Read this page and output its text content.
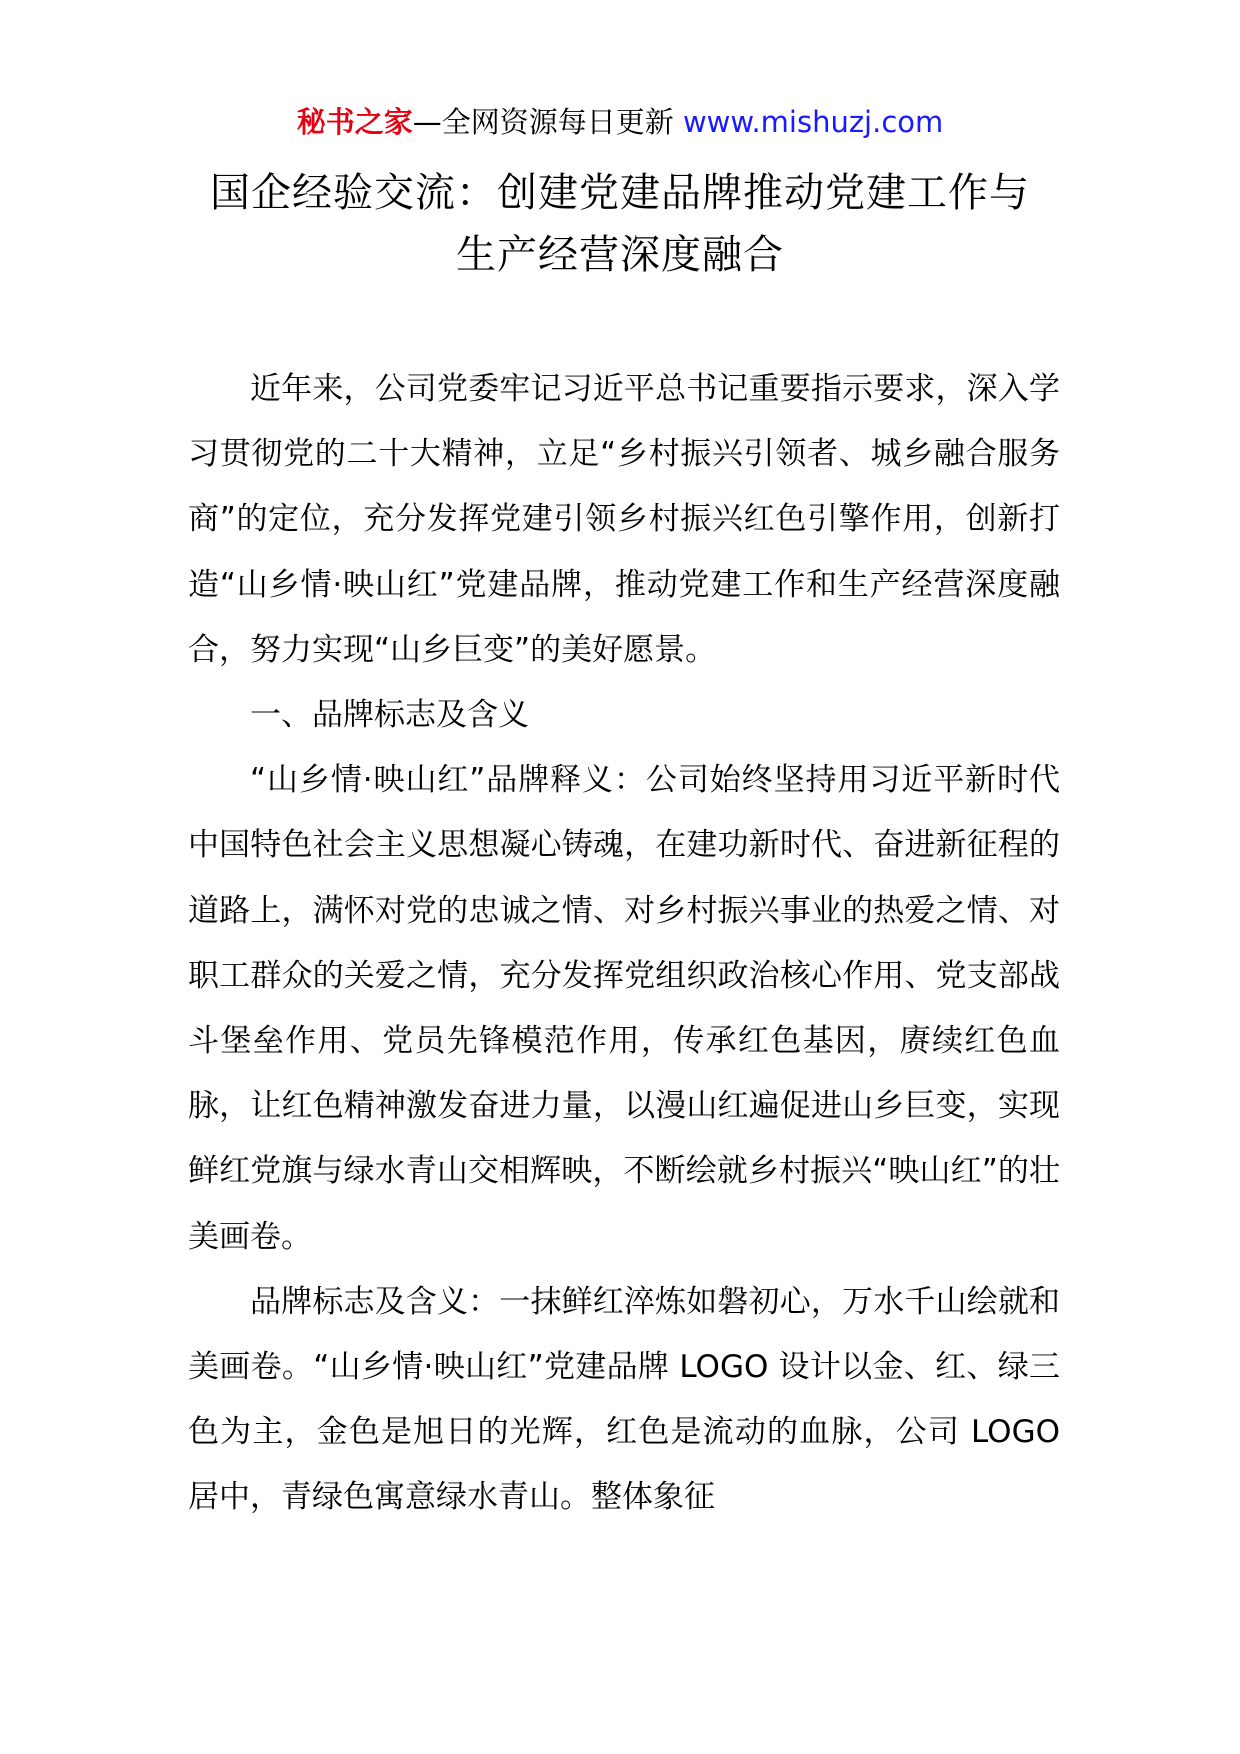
秘书之家—全网资源每日更新 www.mishuzj.com
国企经验交流：创建党建品牌推动党建工作与
生产经营深度融合

近年来，公司党委牢记习近平总书记重要指示要求，深入学习贯彻党的二十大精神，立足“乡村振兴引领者、城乡融合服务商”的定位，充分发挥党建引领乡村振兴红色引擎作用，创新打造“山乡情·映山红”党建品牌，推动党建工作和生产经营深度融合，努力实现“山乡巨变”的美好愿景。

一、品牌标志及含义

“山乡情·映山红”品牌释义：公司始终坚持用习近平新时代中国特色社会主义思想凝心铸魂，在建功新时代、奋进新征程的道路上，满怀对党的忠诚之情、对乡村振兴事业的热爱之情、对职工群众的关爱之情，充分发挥党组织政治核心作用、党支部战斗堡垒作用、党员先锋模范作用，传承红色基因，赓续红色血脉，让红色精神激发奋进力量，以漫山红遍促进山乡巨变，实现鲜红党旗与绿水青山交相辉映，不断绘就乡村振兴“映山红”的壮美画卷。

品牌标志及含义：一抹鲜红淬炼如磐初心，万水千山绘就和美画卷。“山乡情·映山红”党建品牌 LOGO 设计以金、红、绿三色为主，金色是旭日的光辉，红色是流动的血脉，公司 LOGO 居中，青绿色寓意绿水青山。整体象征
